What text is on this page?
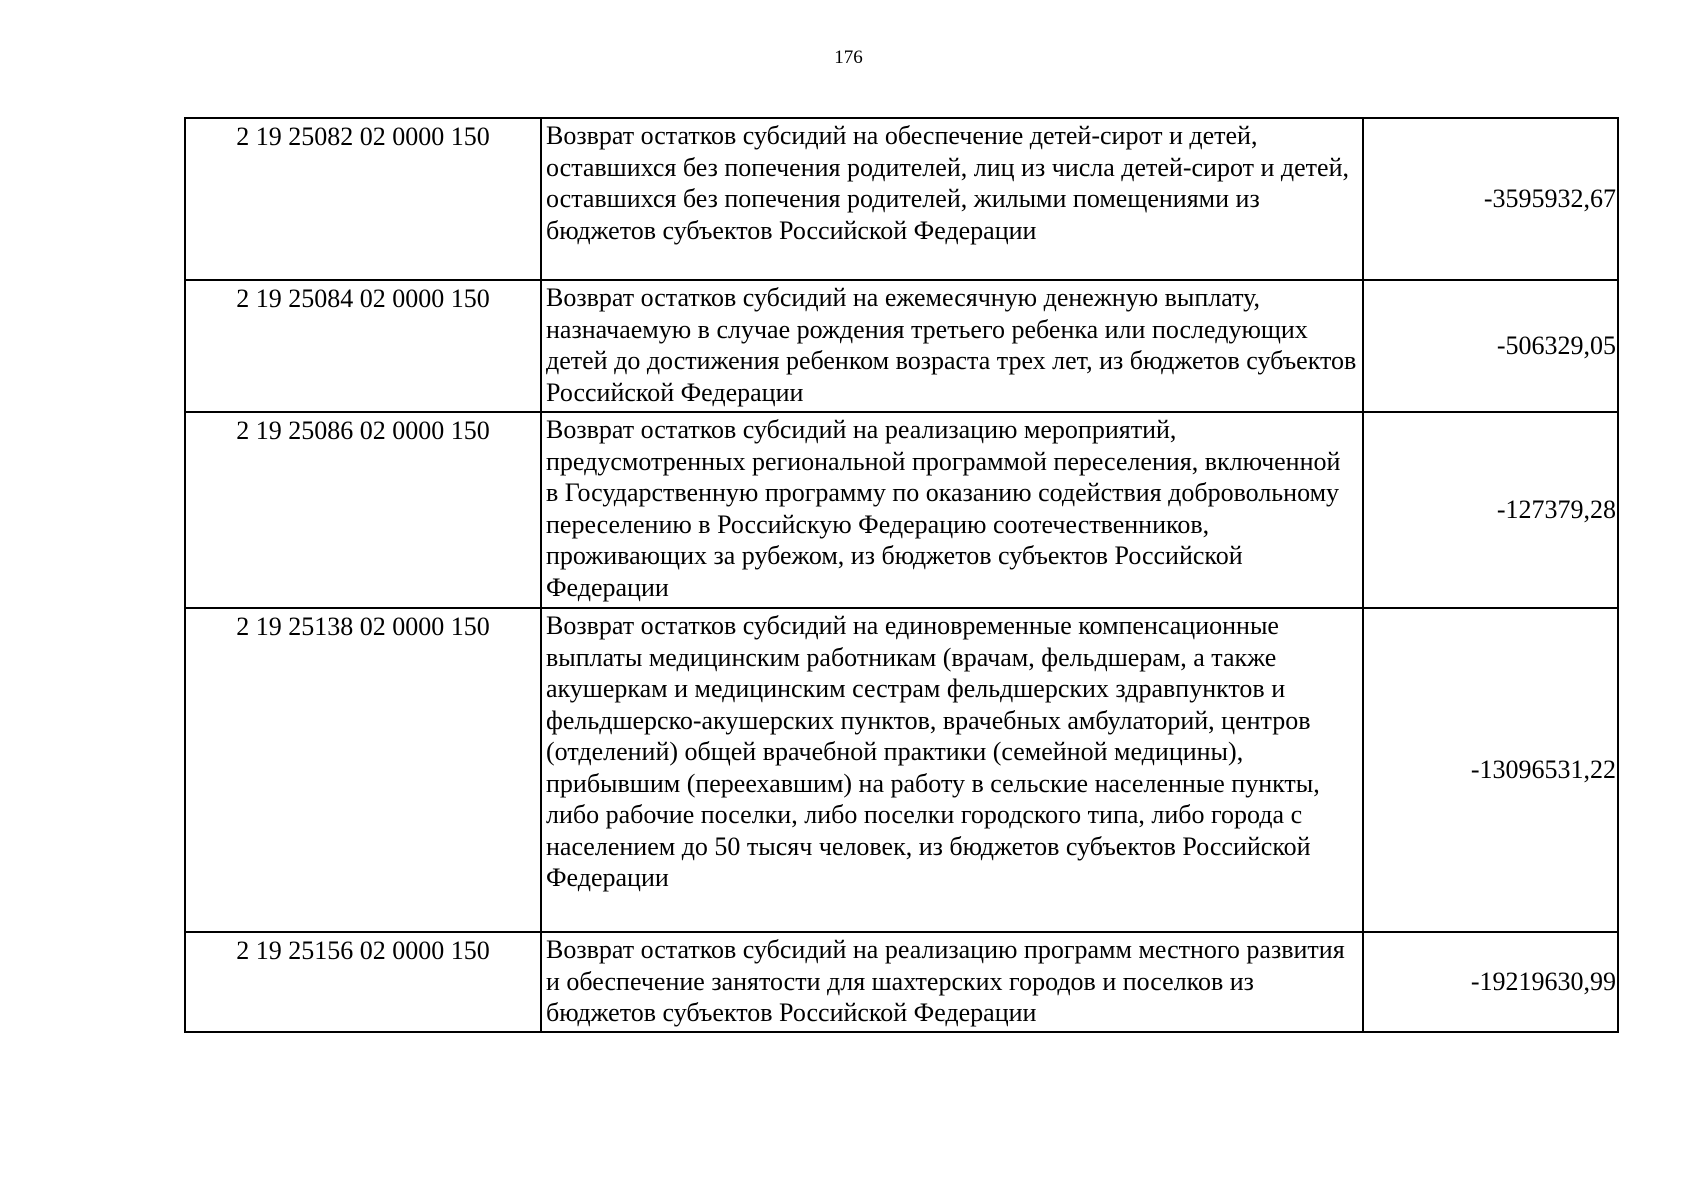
176
2 19 25082 02 0000 150	Возврат остатков субсидий на обеспечение детей-сирот и детей, оставшихся без попечения родителей, лиц из числа детей-сирот и детей, оставшихся без попечения родителей, жилыми помещениями из бюджетов субъектов Российской Федерации	-3595932,67
2 19 25084 02 0000 150	Возврат остатков субсидий на ежемесячную денежную выплату, назначаемую в случае рождения третьего ребенка или последующих детей до достижения ребенком возраста трех лет, из бюджетов субъектов Российской Федерации	-506329,05
2 19 25086 02 0000 150	Возврат остатков субсидий на реализацию мероприятий, предусмотренных региональной программой переселения, включенной в Государственную программу по оказанию содействия добровольному переселению в Российскую Федерацию соотечественников, проживающих за рубежом, из бюджетов субъектов Российской Федерации	-127379,28
2 19 25138 02 0000 150	Возврат остатков субсидий на единовременные компенсационные выплаты медицинским работникам (врачам, фельдшерам, а также акушеркам и медицинским сестрам фельдшерских здравпунктов и фельдшерско-акушерских пунктов, врачебных амбулаторий, центров (отделений) общей врачебной практики (семейной медицины), прибывшим (переехавшим) на работу в сельские населенные пункты, либо рабочие поселки, либо поселки городского типа, либо города с населением до 50 тысяч человек, из бюджетов субъектов Российской Федерации	-13096531,22
2 19 25156 02 0000 150	Возврат остатков субсидий на реализацию программ местного развития и обеспечение занятости для шахтерских городов и поселков из бюджетов субъектов Российской Федерации	-19219630,99
